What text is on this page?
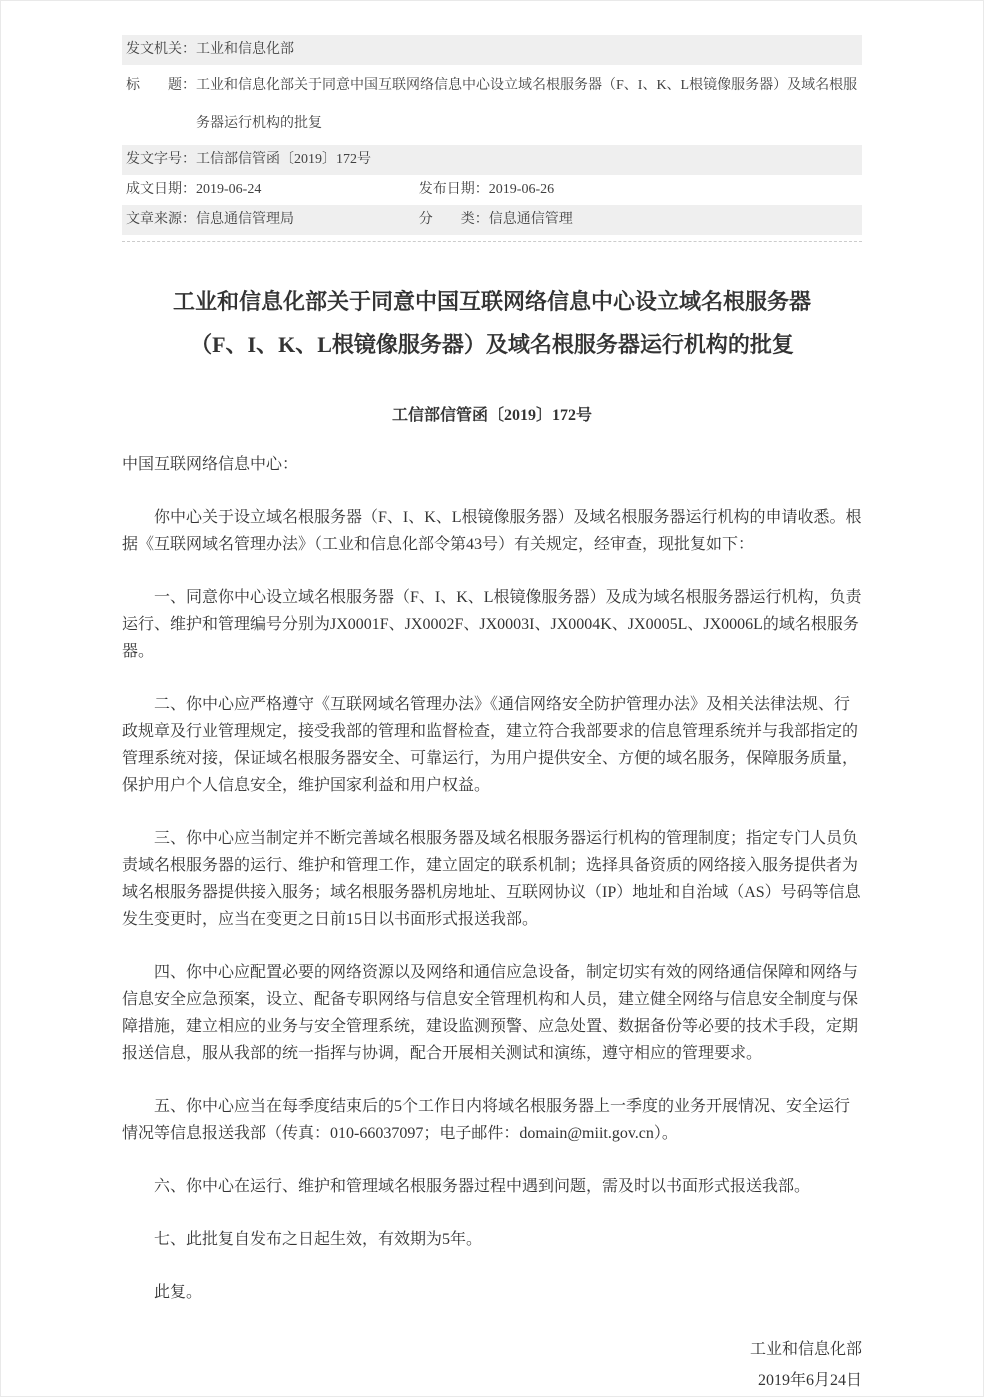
发文机关： 工业和信息化部
标　　题： 工业和信息化部关于同意中国互联网络信息中心设立域名根服务器（F、I、K、L根镜像服务器）及域名根服务器运行机构的批复
发文字号： 工信部信管函〔2019〕172号
成文日期： 2019-06-24	发布日期： 2019-06-26
文章来源： 信息通信管理局	分　　类： 信息通信管理
工业和信息化部关于同意中国互联网络信息中心设立域名根服务器
（F、I、K、L根镜像服务器）及域名根服务器运行机构的批复
工信部信管函〔2019〕172号

中国互联网络信息中心：

你中心关于设立域名根服务器（F、I、K、L根镜像服务器）及域名根服务器运行机构的申请收悉。根据《互联网域名管理办法》（工业和信息化部令第43号）有关规定，经审查，现批复如下：

一、同意你中心设立域名根服务器（F、I、K、L根镜像服务器）及成为域名根服务器运行机构，负责运行、维护和管理编号分别为JX0001F、JX0002F、JX0003I、JX0004K、JX0005L、JX0006L的域名根服务器。

二、你中心应严格遵守《互联网域名管理办法》《通信网络安全防护管理办法》及相关法律法规、行政规章及行业管理规定，接受我部的管理和监督检查，建立符合我部要求的信息管理系统并与我部指定的管理系统对接，保证域名根服务器安全、可靠运行，为用户提供安全、方便的域名服务，保障服务质量，保护用户个人信息安全，维护国家利益和用户权益。

三、你中心应当制定并不断完善域名根服务器及域名根服务器运行机构的管理制度；指定专门人员负责域名根服务器的运行、维护和管理工作，建立固定的联系机制；选择具备资质的网络接入服务提供者为域名根服务器提供接入服务；域名根服务器机房地址、互联网协议（IP）地址和自治域（AS）号码等信息发生变更时，应当在变更之日前15日以书面形式报送我部。

四、你中心应配置必要的网络资源以及网络和通信应急设备，制定切实有效的网络通信保障和网络与信息安全应急预案，设立、配备专职网络与信息安全管理机构和人员，建立健全网络与信息安全制度与保障措施，建立相应的业务与安全管理系统，建设监测预警、应急处置、数据备份等必要的技术手段，定期报送信息，服从我部的统一指挥与协调，配合开展相关测试和演练，遵守相应的管理要求。

五、你中心应当在每季度结束后的5个工作日内将域名根服务器上一季度的业务开展情况、安全运行情况等信息报送我部（传真：010-66037097；电子邮件：domain@miit.gov.cn）。

六、你中心在运行、维护和管理域名根服务器过程中遇到问题，需及时以书面形式报送我部。

七、此批复自发布之日起生效，有效期为5年。

此复。

工业和信息化部
2019年6月24日
